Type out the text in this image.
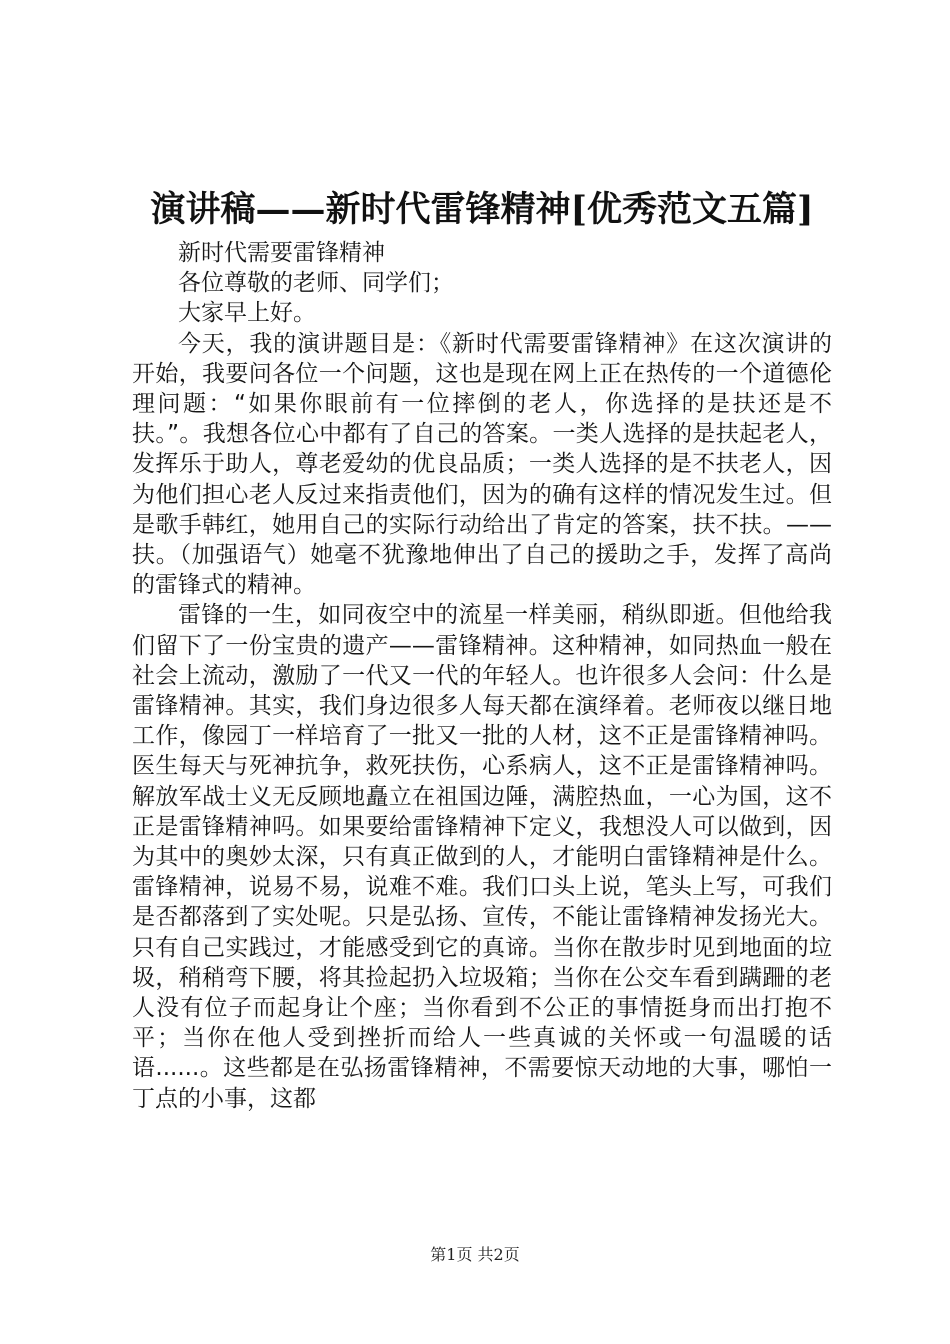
演讲稿——新时代雷锋精神[优秀范文五篇]

新时代需要雷锋精神

各位尊敬的老师、同学们；

大家早上好。

今天，我的演讲题目是：《新时代需要雷锋精神》在这次演讲的开始，我要问各位一个问题，这也是现在网上正在热传的一个道德伦理问题：“如果你眼前有一位摔倒的老人，你选择的是扶还是不扶。”。我想各位心中都有了自己的答案。一类人选择的是扶起老人，发挥乐于助人，尊老爱幼的优良品质；一类人选择的是不扶老人，因为他们担心老人反过来指责他们，因为的确有这样的情况发生过。但是歌手韩红，她用自己的实际行动给出了肯定的答案，扶不扶。——扶。（加强语气）她毫不犹豫地伸出了自己的援助之手，发挥了高尚的雷锋式的精神。

雷锋的一生，如同夜空中的流星一样美丽，稍纵即逝。但他给我们留下了一份宝贵的遗产——雷锋精神。这种精神，如同热血一般在社会上流动，激励了一代又一代的年轻人。也许很多人会问：什么是雷锋精神。其实，我们身边很多人每天都在演绎着。老师夜以继日地工作，像园丁一样培育了一批又一批的人材，这不正是雷锋精神吗。医生每天与死神抗争，救死扶伤，心系病人，这不正是雷锋精神吗。解放军战士义无反顾地矗立在祖国边陲，满腔热血，一心为国，这不正是雷锋精神吗。如果要给雷锋精神下定义，我想没人可以做到，因为其中的奥妙太深，只有真正做到的人，才能明白雷锋精神是什么。雷锋精神，说易不易，说难不难。我们口头上说，笔头上写，可我们是否都落到了实处呢。只是弘扬、宣传，不能让雷锋精神发扬光大。只有自己实践过，才能感受到它的真谛。当你在散步时见到地面的垃圾，稍稍弯下腰，将其捡起扔入垃圾箱；当你在公交车看到蹒跚的老人没有位子而起身让个座；当你看到不公正的事情挺身而出打抱不平；当你在他人受到挫折而给人一些真诚的关怀或一句温暖的话语......。这些都是在弘扬雷锋精神，不需要惊天动地的大事，哪怕一丁点的小事，这都

第1页 共2页
